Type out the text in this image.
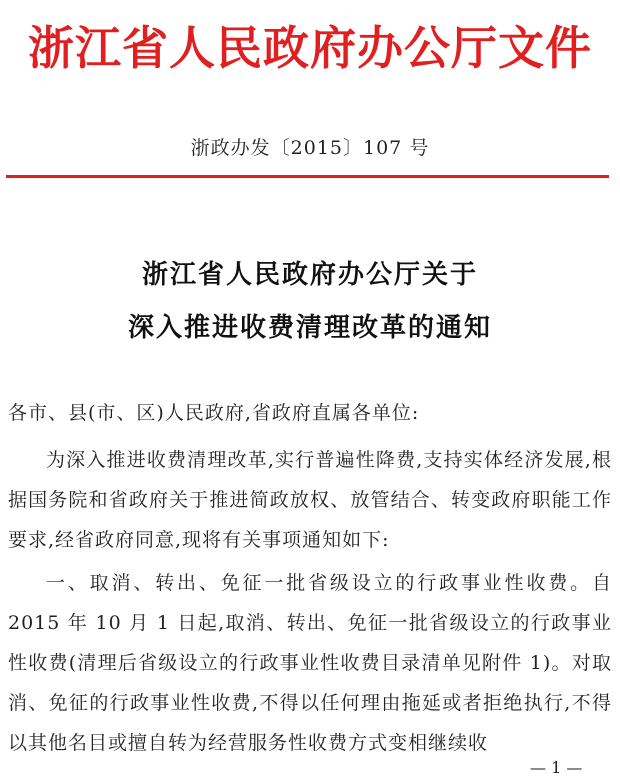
浙江省人民政府办公厅文件
浙政办发〔2015〕107 号
浙江省人民政府办公厅关于
深入推进收费清理改革的通知
各市、县(市、区)人民政府,省政府直属各单位:
为深入推进收费清理改革,实行普遍性降费,支持实体经济发展,根据国务院和省政府关于推进简政放权、放管结合、转变政府职能工作要求,经省政府同意,现将有关事项通知如下:
一、取消、转出、免征一批省级设立的行政事业性收费。自 2015 年 10 月 1 日起,取消、转出、免征一批省级设立的行政事业性收费(清理后省级设立的行政事业性收费目录清单见附件 1)。对取消、免征的行政事业性收费,不得以任何理由拖延或者拒绝执行,不得以其他名目或擅自转为经营服务性收费方式变相继续收
— 1 —
